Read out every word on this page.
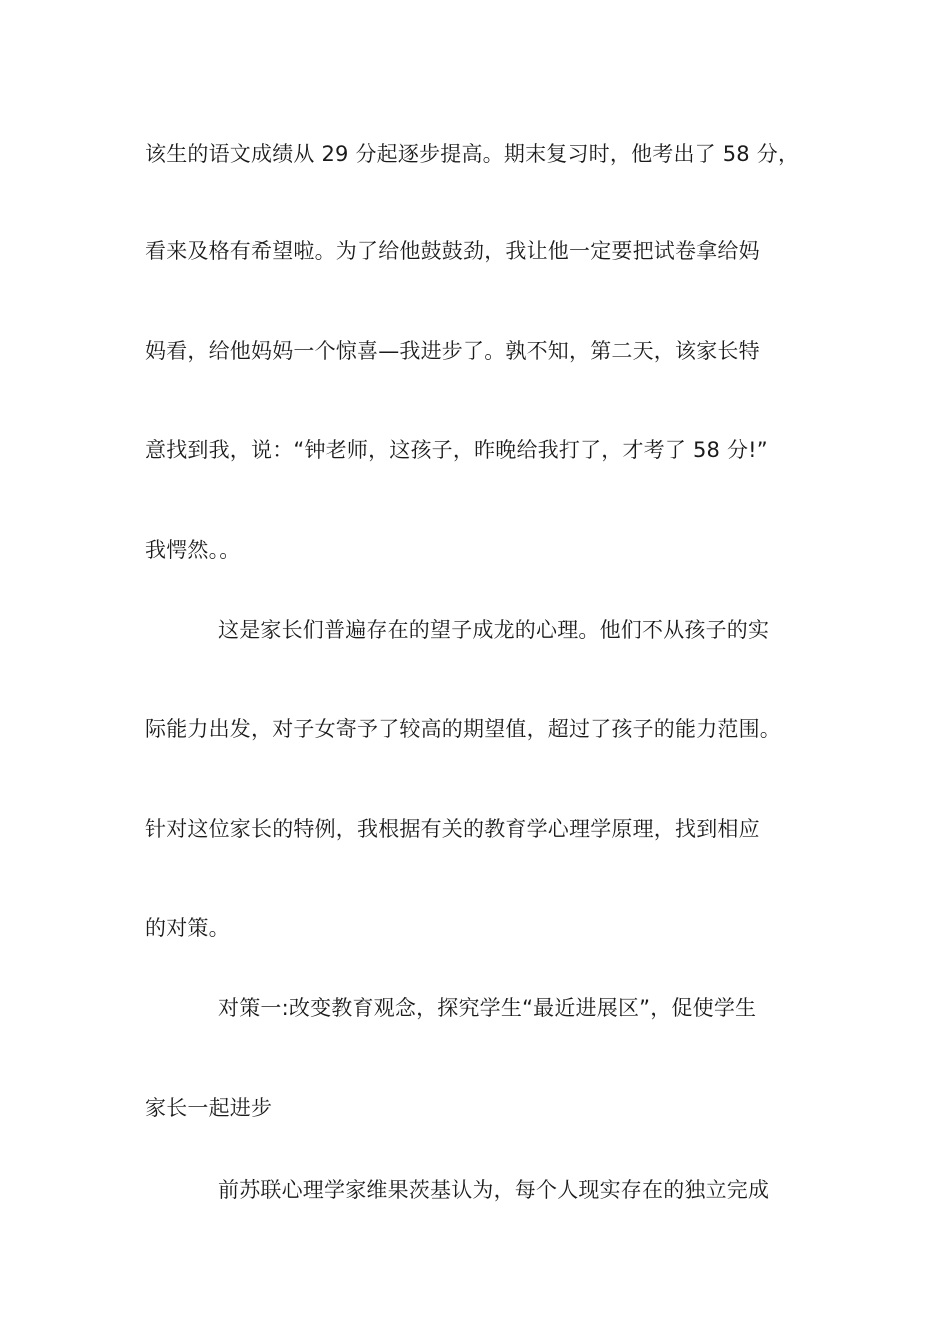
该生的语文成绩从 29 分起逐步提高。期末复习时，他考出了 58 分，
看来及格有希望啦。为了给他鼓鼓劲，我让他一定要把试卷拿给妈
妈看，给他妈妈一个惊喜—我进步了。孰不知，第二天，该家长特
意找到我，说：“钟老师，这孩子，昨晚给我打了，才考了 58 分!”
我愕然。。
这是家长们普遍存在的望子成龙的心理。他们不从孩子的实
际能力出发，对子女寄予了较高的期望值，超过了孩子的能力范围。
针对这位家长的特例，我根据有关的教育学心理学原理，找到相应
的对策。
对策一:改变教育观念，探究学生“最近进展区”，促使学生
家长一起进步
前苏联心理学家维果茨基认为，每个人现实存在的独立完成
